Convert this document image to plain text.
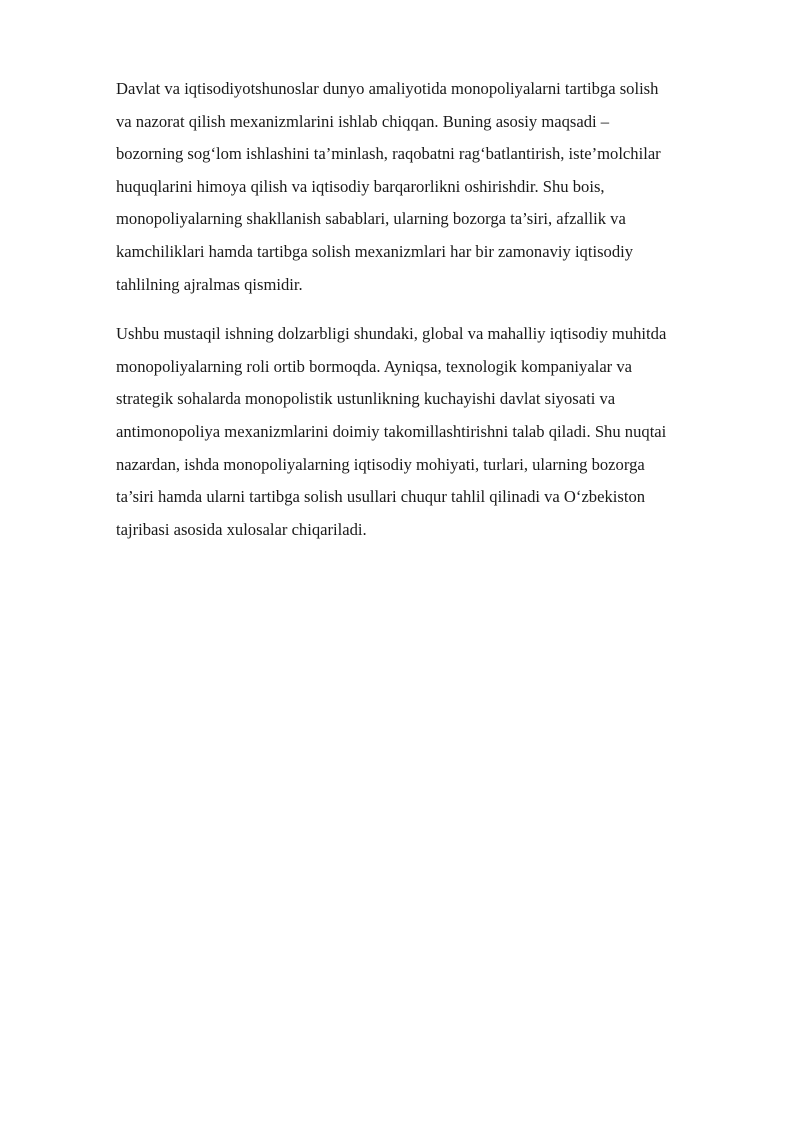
Davlat va iqtisodiyotshunoslar dunyo amaliyotida monopoliyalarni tartibga solish
va nazorat qilish mexanizmlarini ishlab chiqqan. Buning asosiy maqsadi –
bozorning sog‘lom ishlashini ta’minlash, raqobatni rag‘batlantirish, iste’molchilar
huquqlarini himoya qilish va iqtisodiy barqarorlikni oshirishdir. Shu bois,
monopoliyalarning shakllanish sabablari, ularning bozorga ta’siri, afzallik va
kamchiliklari hamda tartibga solish mexanizmlari har bir zamonaviy iqtisodiy
tahlilning ajralmas qismidir.

Ushbu mustaqil ishning dolzarbligi shundaki, global va mahalliy iqtisodiy muhitda
monopoliyalarning roli ortib bormoqda. Ayniqsa, texnologik kompaniyalar va
strategik sohalarda monopolistik ustunlikning kuchayishi davlat siyosati va
antimonopoliya mexanizmlarini doimiy takomillashtirishni talab qiladi. Shu nuqtai
nazardan, ishda monopoliyalarning iqtisodiy mohiyati, turlari, ularning bozorga
ta’siri hamda ularni tartibga solish usullari chuqur tahlil qilinadi va O‘zbekiston
tajribasi asosida xulosalar chiqariladi.
